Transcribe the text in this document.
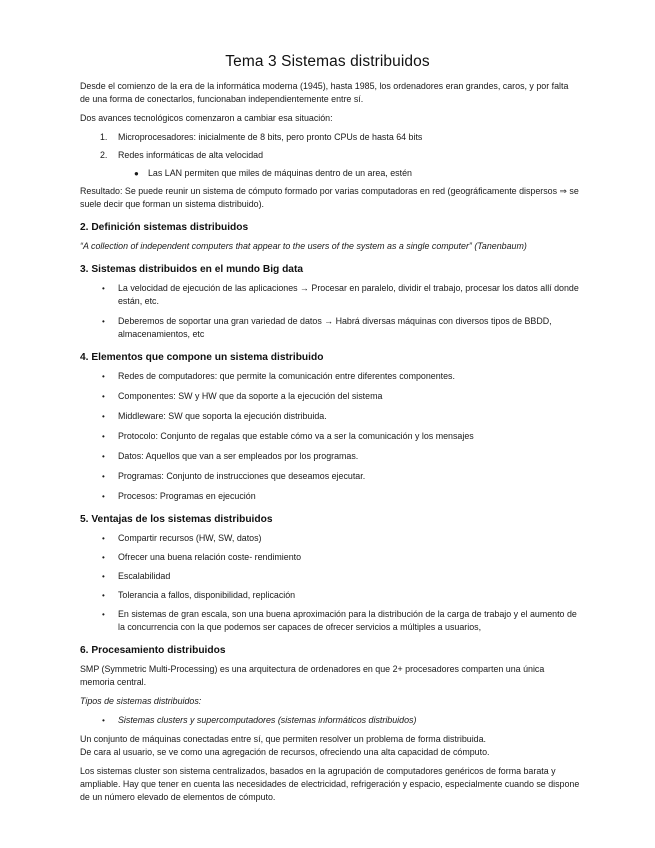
Tema 3 Sistemas distribuidos

Desde el comienzo de la era de la informática moderna (1945), hasta 1985, los ordenadores eran grandes, caros, y por falta de una forma de conectarlos, funcionaban independientemente entre sí.

Dos avances tecnológicos comenzaron a cambiar esa situación:

1. Microprocesadores: inicialmente de 8 bits, pero pronto CPUs de hasta 64 bits
2. Redes informáticas de alta velocidad
● Las LAN permiten que miles de máquinas dentro de un area, estén

Resultado: Se puede reunir un sistema de cómputo formado por varias computadoras en red (geográficamente dispersos ⇒ se suele decir que forman un sistema distribuido).

2. Definición sistemas distribuidos

“A collection of independent computers that appear to the users of the system as a single computer” (Tanenbaum)

3. Sistemas distribuidos en el mundo Big data
• La velocidad de ejecución de las aplicaciones → Procesar en paralelo, dividir el trabajo, procesar los datos allí donde están, etc.
• Deberemos de soportar una gran variedad de datos → Habrá diversas máquinas con diversos tipos de BBDD, almacenamientos, etc
4. Elementos que compone un sistema distribuido
• Redes de computadores: que permite la comunicación entre diferentes componentes.
• Componentes: SW y HW que da soporte a la ejecución del sistema
• Middleware: SW que soporta la ejecución distribuida.
• Protocolo: Conjunto de regalas que estable cómo va a ser la comunicación y los mensajes
• Datos: Aquellos que van a ser empleados por los programas.
• Programas: Conjunto de instrucciones que deseamos ejecutar.
• Procesos: Programas en ejecución
5. Ventajas de los sistemas distribuidos
• Compartir recursos (HW, SW, datos)
• Ofrecer una buena relación coste- rendimiento
• Escalabilidad
• Tolerancia a fallos, disponibilidad, replicación
• En sistemas de gran escala, son una buena aproximación para la distribución de la carga de trabajo y el aumento de la concurrencia con la que podemos ser capaces de ofrecer servicios a múltiples a usuarios,
6. Procesamiento distribuidos

SMP (Symmetric Multi-Processing) es una arquitectura de ordenadores en que 2+ procesadores comparten una única memoria central.

Tipos de sistemas distribuidos:

• Sistemas clusters y supercomputadores (sistemas informáticos distribuidos)

Un conjunto de máquinas conectadas entre sí, que permiten resolver un problema de forma distribuida.

De cara al usuario, se ve como una agregación de recursos, ofreciendo una alta capacidad de cómputo.

Los sistemas cluster son sistema centralizados, basados en la agrupación de computadores genéricos de forma barata y ampliable. Hay que tener en cuenta las necesidades de electricidad, refrigeración y espacio, especialmente cuando se dispone de un número elevado de elementos de cómputo.
